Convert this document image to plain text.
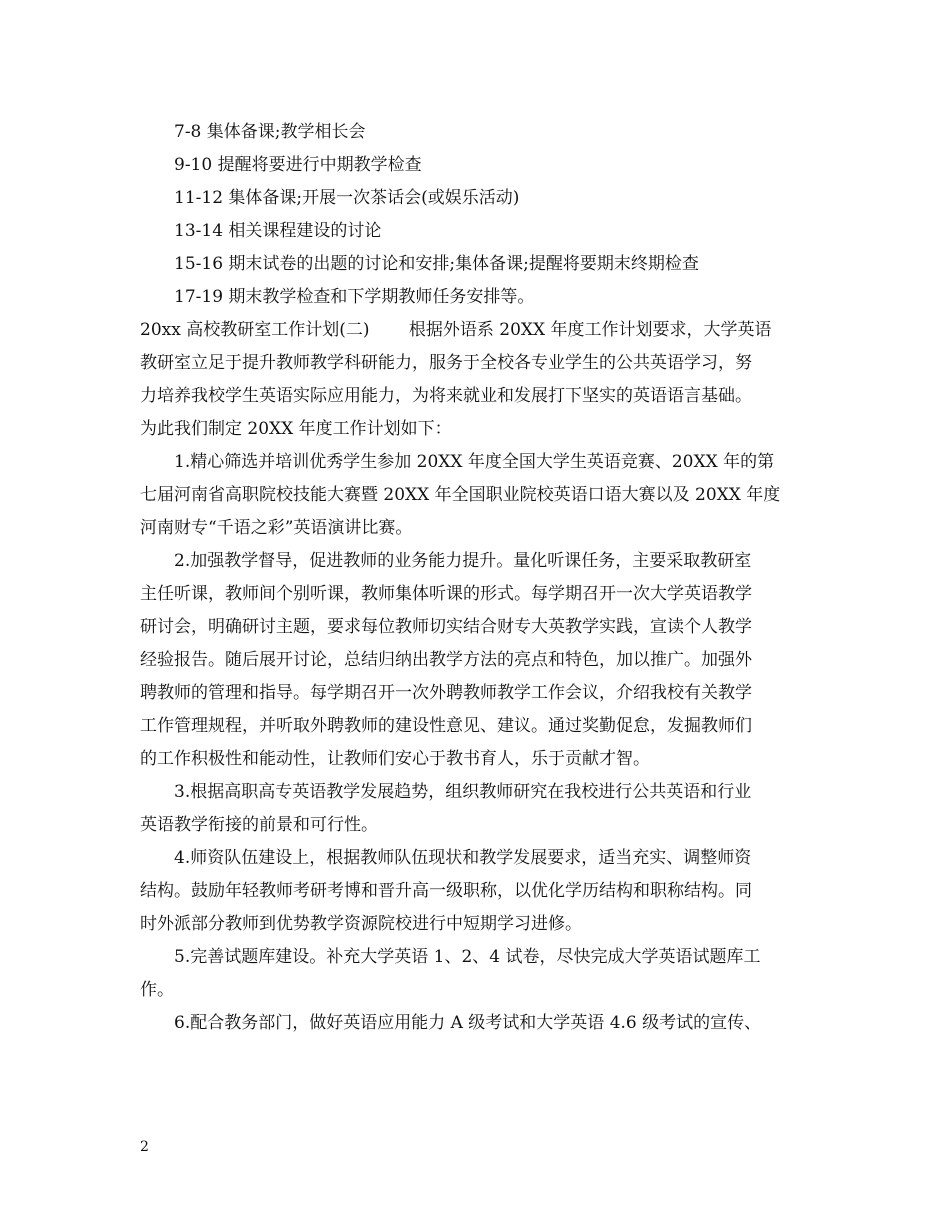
7-8 集体备课;教学相长会
9-10 提醒将要进行中期教学检查
11-12 集体备课;开展一次茶话会(或娱乐活动)
13-14 相关课程建设的讨论
15-16 期末试卷的出题的讨论和安排;集体备课;提醒将要期末终期检查
17-19 期末教学检查和下学期教师任务安排等。
20xx 高校教研室工作计划(二)　　 根据外语系 20XX 年度工作计划要求，大学英语
教研室立足于提升教师教学科研能力，服务于全校各专业学生的公共英语学习，努
力培养我校学生英语实际应用能力，为将来就业和发展打下坚实的英语语言基础。
为此我们制定 20XX 年度工作计划如下：
1.精心筛选并培训优秀学生参加 20XX 年度全国大学生英语竞赛、20XX 年的第
七届河南省高职院校技能大赛暨 20XX 年全国职业院校英语口语大赛以及 20XX 年度
河南财专“千语之彩”英语演讲比赛。
2.加强教学督导，促进教师的业务能力提升。量化听课任务，主要采取教研室
主任听课，教师间个别听课，教师集体听课的形式。每学期召开一次大学英语教学
研讨会，明确研讨主题，要求每位教师切实结合财专大英教学实践，宣读个人教学
经验报告。随后展开讨论，总结归纳出教学方法的亮点和特色，加以推广。加强外
聘教师的管理和指导。每学期召开一次外聘教师教学工作会议，介绍我校有关教学
工作管理规程，并听取外聘教师的建设性意见、建议。通过奖勤促怠，发掘教师们
的工作积极性和能动性，让教师们安心于教书育人，乐于贡献才智。
3.根据高职高专英语教学发展趋势，组织教师研究在我校进行公共英语和行业
英语教学衔接的前景和可行性。
4.师资队伍建设上，根据教师队伍现状和教学发展要求，适当充实、调整师资
结构。鼓励年轻教师考研考博和晋升高一级职称，以优化学历结构和职称结构。同
时外派部分教师到优势教学资源院校进行中短期学习进修。
5.完善试题库建设。补充大学英语 1、2、4 试卷，尽快完成大学英语试题库工
作。
6.配合教务部门，做好英语应用能力 A 级考试和大学英语 4.6 级考试的宣传、
2
